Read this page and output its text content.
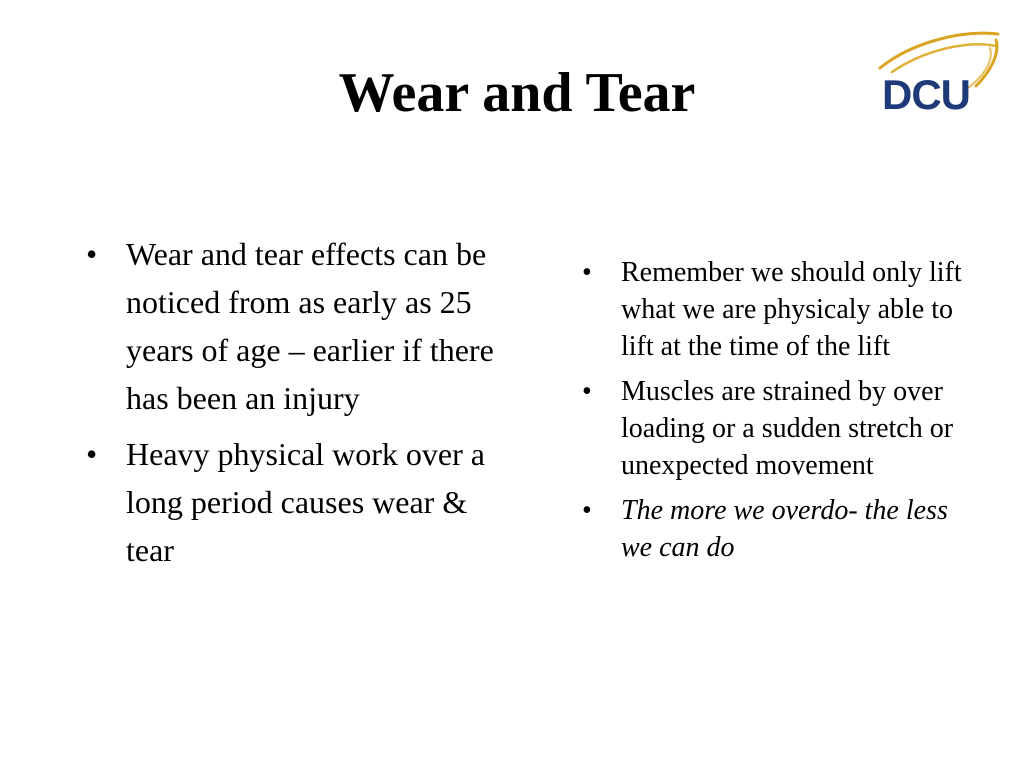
Wear and Tear	DCU
• Wear and tear effects can be noticed from as early as 25 years of age – earlier if there has been an injury
• Heavy physical work over a long period causes wear & tear
• Remember we should only lift what we are physicaly able to lift at the time of the lift
• Muscles are strained by over loading or a sudden stretch or unexpected movement
• The more we overdo- the less we can do
